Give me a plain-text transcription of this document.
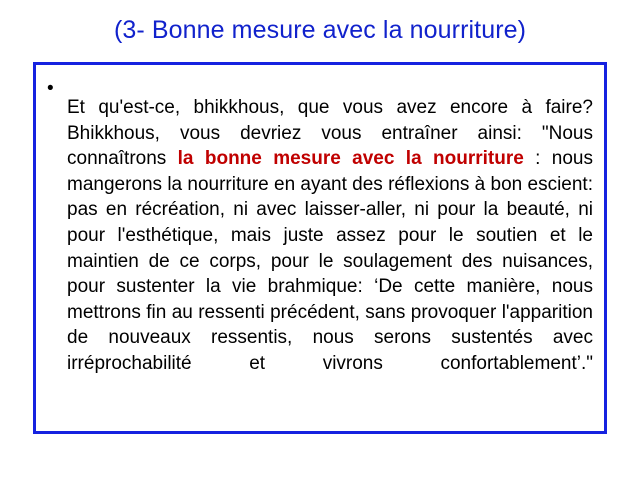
(3- Bonne mesure avec la nourriture)
•

Et qu'est-ce, bhikkhous, que vous avez encore à faire? Bhikkhous, vous devriez vous entraîner ainsi: "Nous connaîtrons la bonne mesure avec la nourriture : nous mangerons la nourriture en ayant des réflexions à bon escient: pas en récréation, ni avec laisser-aller, ni pour la beauté, ni pour l'esthétique, mais juste assez pour le soutien et le maintien de ce corps, pour le soulagement des nuisances, pour sustenter la vie brahmique: ‘De cette manière, nous mettrons fin au ressenti précédent, sans provoquer l'apparition de nouveaux ressentis, nous serons sustentés avec irréprochabilité et vivrons confortablement’."
